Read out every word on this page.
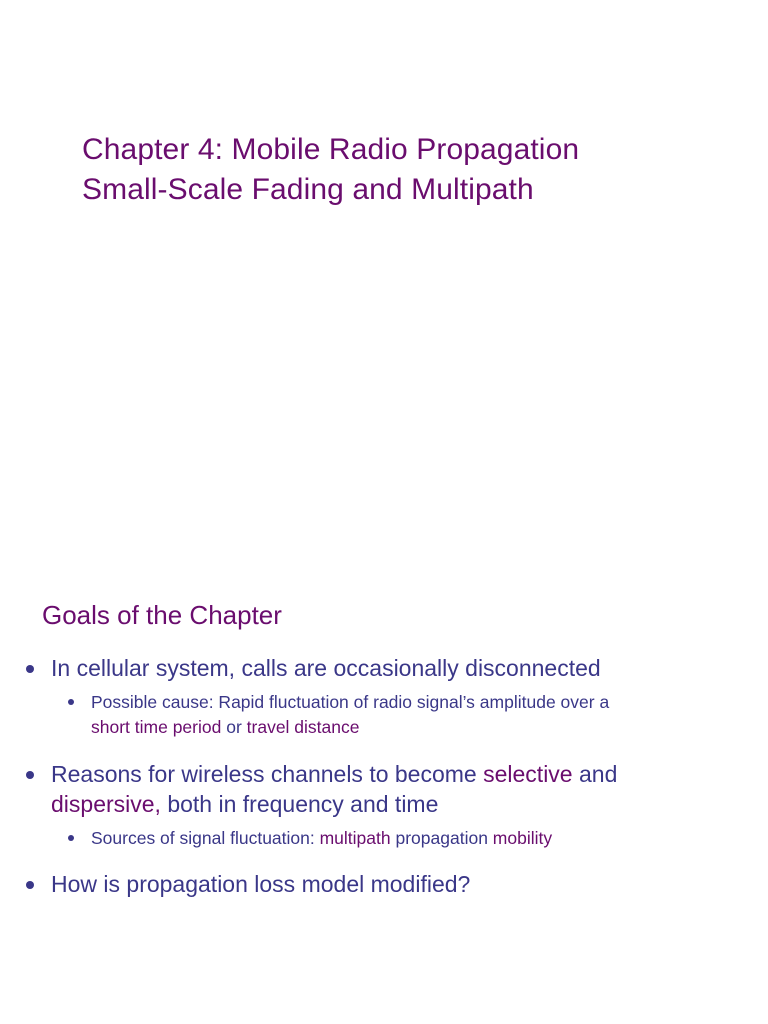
Chapter 4: Mobile Radio Propagation
Small-Scale Fading and Multipath
Goals of the Chapter
In cellular system, calls are occasionally disconnected
Possible cause: Rapid fluctuation of radio signal’s amplitude over a
short time period or travel distance
Reasons for wireless channels to become selective and
dispersive, both in frequency and time
Sources of signal fluctuation: multipath propagation mobility
How is propagation loss model modified?
